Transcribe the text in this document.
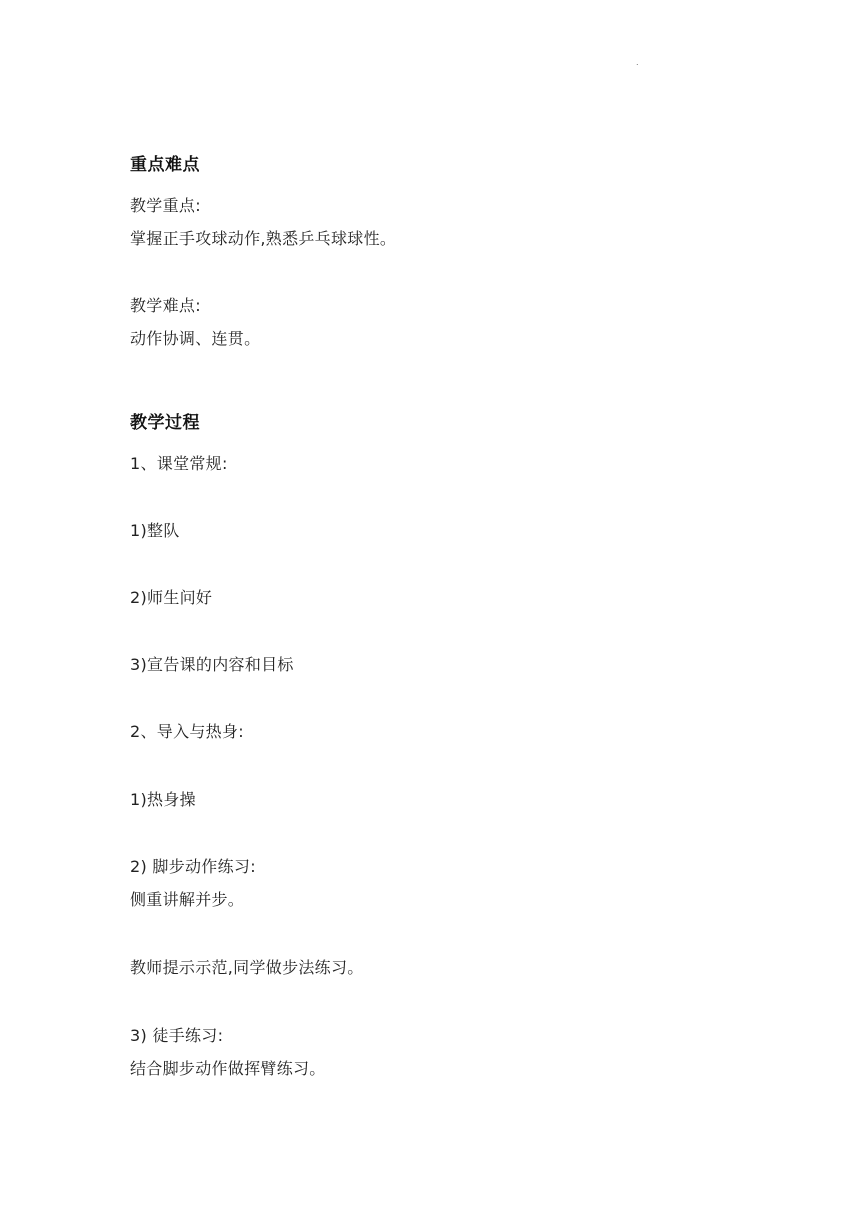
.
重点难点
教学重点:
掌握正手攻球动作,熟悉乒乓球球性。
教学难点:
动作协调、连贯。
教学过程
1、课堂常规:
1)整队
2)师生问好
3)宣告课的内容和目标
2、导入与热身:
1)热身操
2) 脚步动作练习:
侧重讲解并步。
教师提示示范,同学做步法练习。
3) 徒手练习:
结合脚步动作做挥臂练习。
